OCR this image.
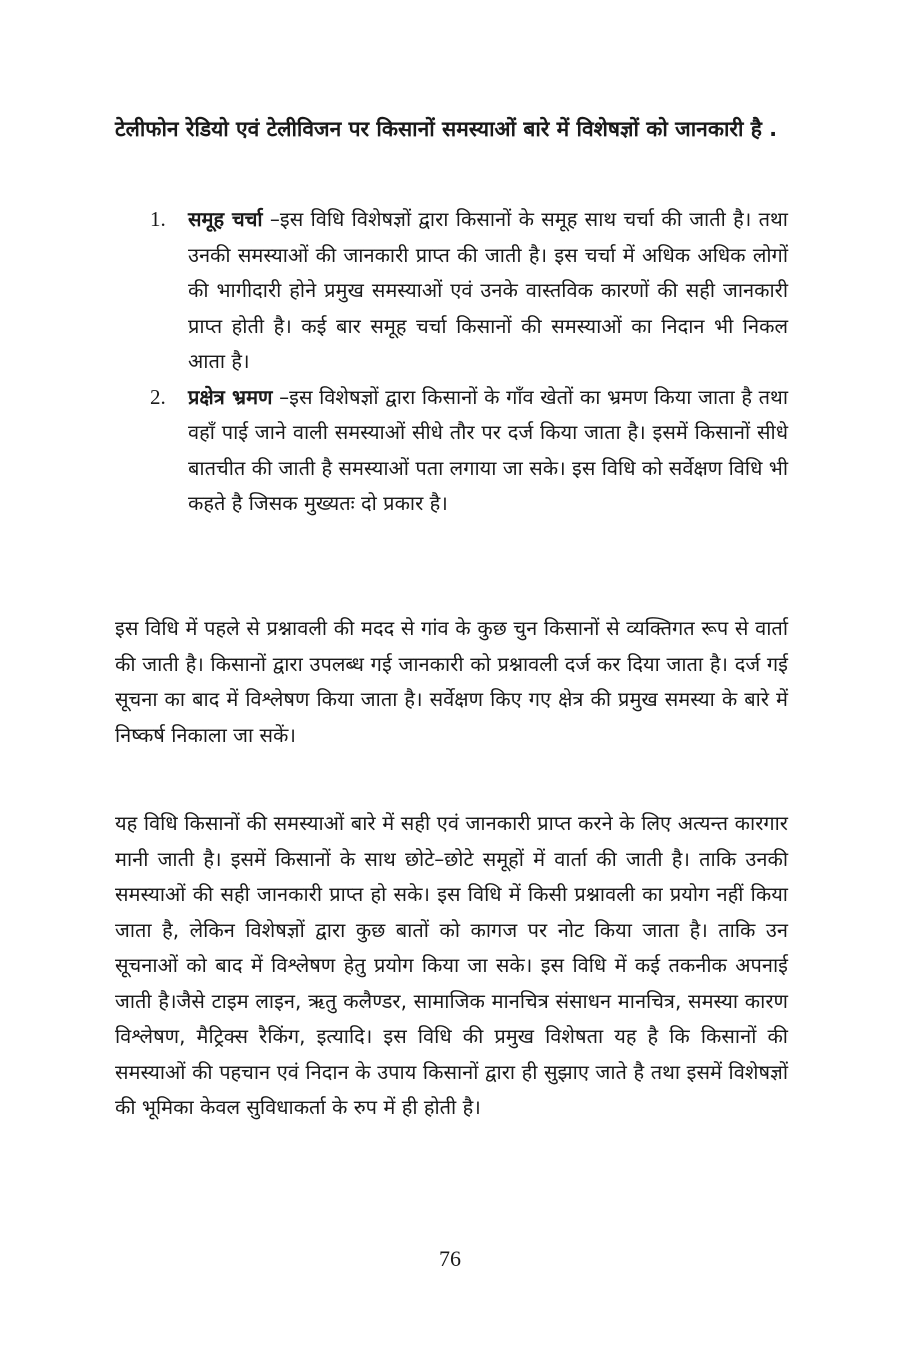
टेलीफोन रेडियो एवं टेलीविजन पर किसानों समस्याओं बारे में विशेषज्ञों को जानकारी है .

1. समूह चर्चा –इस विधि विशेषज्ञों द्वारा किसानों के समूह साथ चर्चा की जाती है। तथा उनकी समस्याओं की जानकारी प्राप्त की जाती है। इस चर्चा में अधिक अधिक लोगों की भागीदारी होने प्रमुख समस्याओं एवं उनके वास्तविक कारणों की सही जानकारी प्राप्त होती है। कई बार समूह चर्चा किसानों की समस्याओं का निदान भी निकल आता है।
2. प्रक्षेत्र भ्रमण –इस विशेषज्ञों द्वारा किसानों के गाँव खेतों का भ्रमण किया जाता है तथा वहाँ पाई जाने वाली समस्याओं सीधे तौर पर दर्ज किया जाता है। इसमें किसानों सीधे बातचीत की जाती है समस्याओं पता लगाया जा सके। इस विधि को सर्वेक्षण विधि भी कहते है जिसक मुख्यतः दो प्रकार है।

इस विधि में पहले से प्रश्नावली की मदद से गांव के कुछ चुन किसानों से व्यक्तिगत रूप से वार्ता की जाती है। किसानों द्वारा उपलब्ध गई जानकारी को प्रश्नावली दर्ज कर दिया जाता है। दर्ज गई सूचना का बाद में विश्लेषण किया जाता है। सर्वेक्षण किए गए क्षेत्र की प्रमुख समस्या के बारे में निष्कर्ष निकाला जा सकें।

यह विधि किसानों की समस्याओं बारे में सही एवं जानकारी प्राप्त करने के लिए अत्यन्त कारगार मानी जाती है। इसमें किसानों के साथ छोटे–छोटे समूहों में वार्ता की जाती है। ताकि उनकी समस्याओं की सही जानकारी प्राप्त हो सके। इस विधि में किसी प्रश्नावली का प्रयोग नहीं किया जाता है, लेकिन विशेषज्ञों द्वारा कुछ बातों को कागज पर नोट किया जाता है। ताकि उन सूचनाओं को बाद में विश्लेषण हेतु प्रयोग किया जा सके। इस विधि में कई तकनीक अपनाई जाती है।जैसे टाइम लाइन, ऋतु कलैण्डर, सामाजिक मानचित्र संसाधन मानचित्र, समस्या कारण विश्लेषण, मैट्रिक्स रैकिंग, इत्यादि। इस विधि की प्रमुख विशेषता यह है कि किसानों की समस्याओं की पहचान एवं निदान के उपाय किसानों द्वारा ही सुझाए जाते है तथा इसमें विशेषज्ञों की भूमिका केवल सुविधाकर्ता के रुप में ही होती है।

76
